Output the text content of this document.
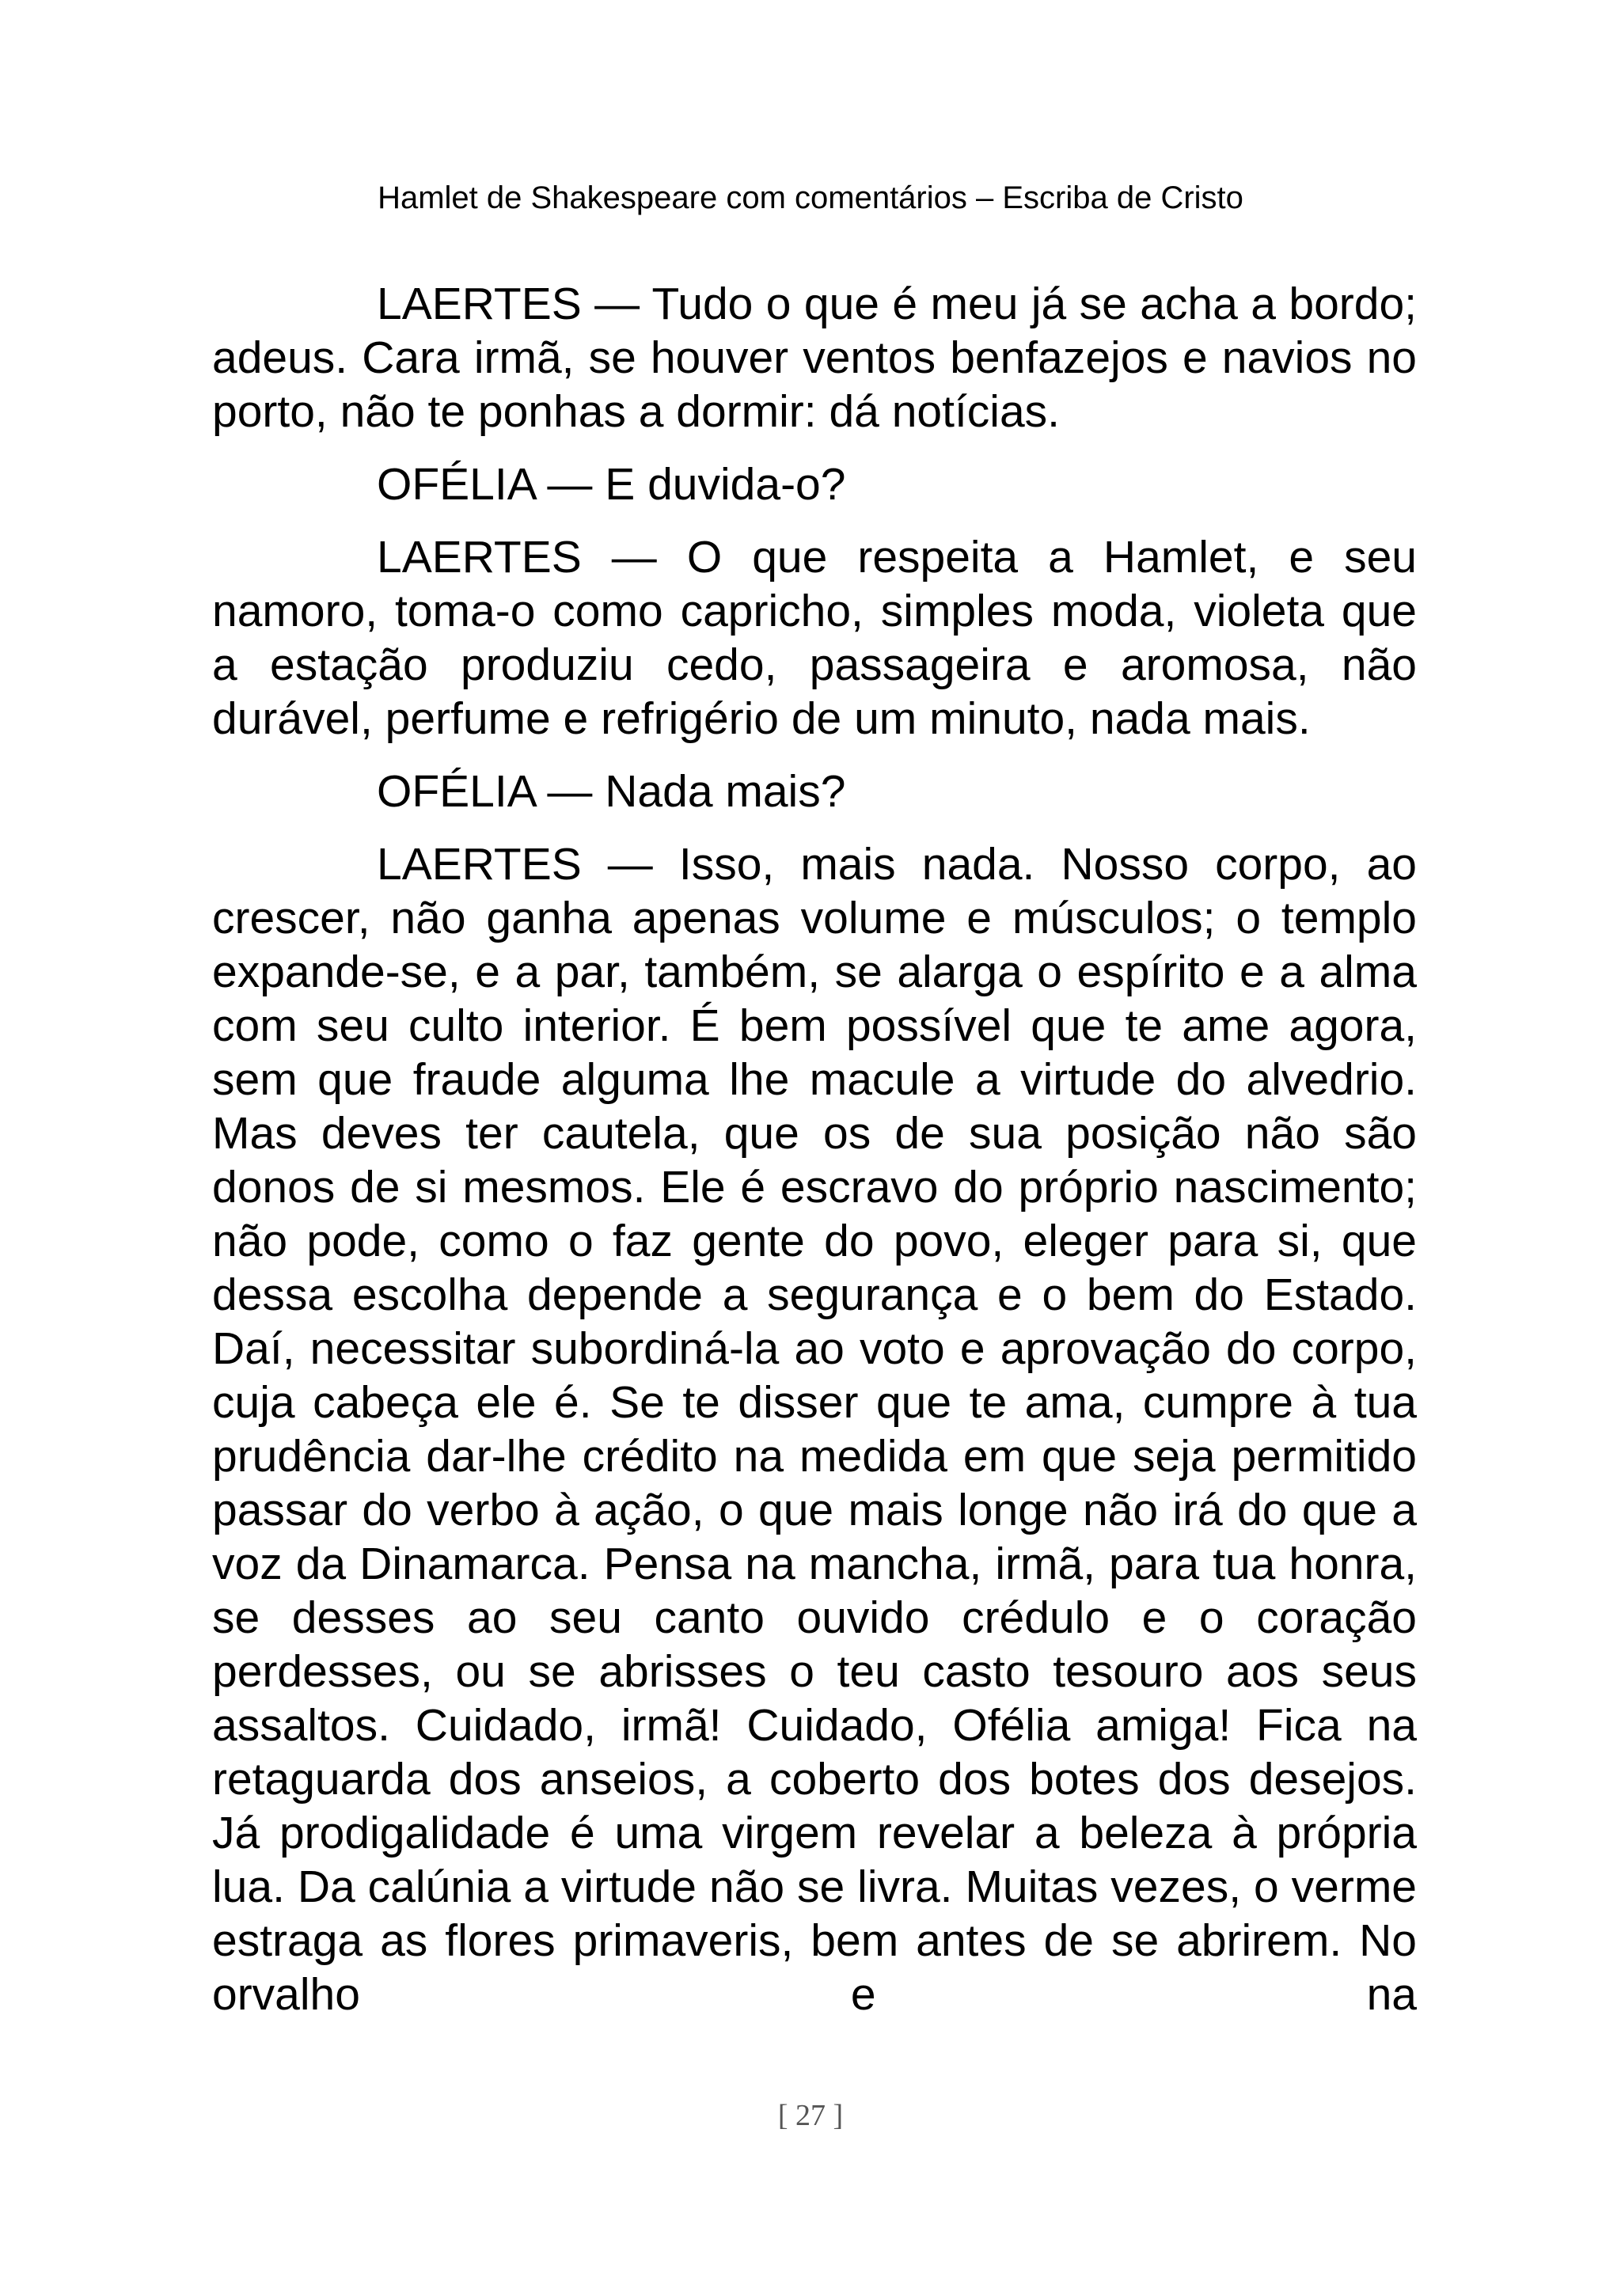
Hamlet de Shakespeare com comentários – Escriba de Cristo

LAERTES — Tudo o que é meu já se acha a bordo; adeus. Cara irmã, se houver ventos benfazejos e navios no porto, não te ponhas a dormir: dá notícias.

OFÉLIA — E duvida-o?

LAERTES — O que respeita a Hamlet, e seu namoro, toma-o como capricho, simples moda, violeta que a estação produziu cedo, passageira e aromosa, não durável, perfume e refrigério de um minuto, nada mais.

OFÉLIA — Nada mais?

LAERTES — Isso, mais nada. Nosso corpo, ao crescer, não ganha apenas volume e músculos; o templo expande-se, e a par, também, se alarga o espírito e a alma com seu culto interior. É bem possível que te ame agora, sem que fraude alguma lhe macule a virtude do alvedrio. Mas deves ter cautela, que os de sua posição não são donos de si mesmos. Ele é escravo do próprio nascimento; não pode, como o faz gente do povo, eleger para si, que dessa escolha depende a segurança e o bem do Estado. Daí, necessitar subordiná-la ao voto e aprovação do corpo, cuja cabeça ele é. Se te disser que te ama, cumpre à tua prudência dar-lhe crédito na medida em que seja permitido passar do verbo à ação, o que mais longe não irá do que a voz da Dinamarca. Pensa na mancha, irmã, para tua honra, se desses ao seu canto ouvido crédulo e o coração perdesses, ou se abrisses o teu casto tesouro aos seus assaltos. Cuidado, irmã! Cuidado, Ofélia amiga! Fica na retaguarda dos anseios, a coberto dos botes dos desejos. Já prodigalidade é uma virgem revelar a beleza à própria lua. Da calúnia a virtude não se livra. Muitas vezes, o verme estraga as flores primaveris, bem antes de se abrirem. No orvalho e na

[ 27 ]
